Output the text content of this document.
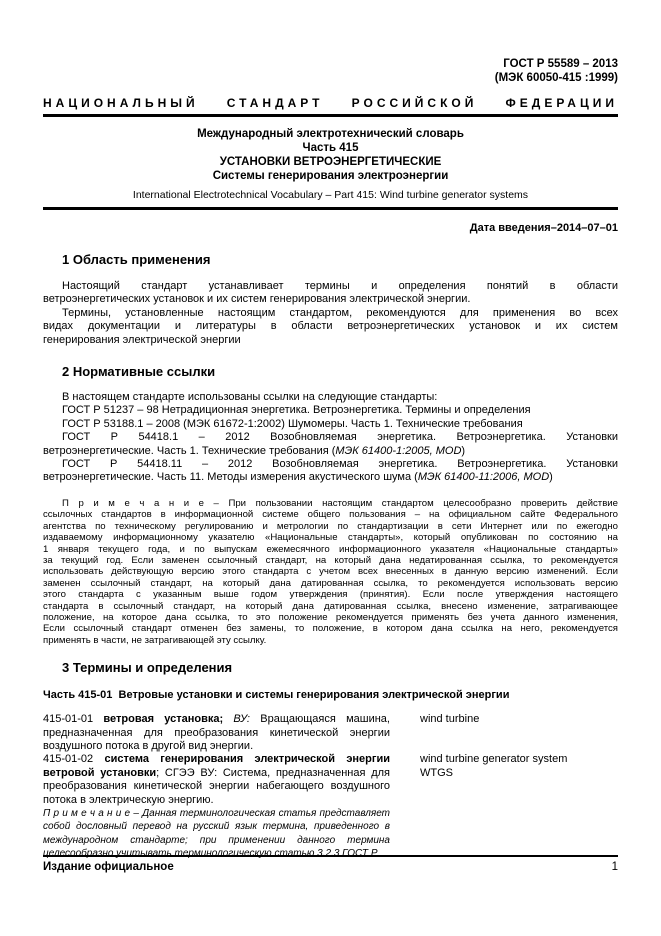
ГОСТ Р 55589 – 2013
(МЭК 60050-415 :1999)
НАЦИОНАЛЬНЫЙ СТАНДАРТ РОССИЙСКОЙ ФЕДЕРАЦИИ
Международный электротехнический словарь
Часть 415
УСТАНОВКИ ВЕТРОЭНЕРГЕТИЧЕСКИЕ
Системы генерирования электроэнергии
International Electrotechnical Vocabulary – Part 415: Wind turbine generator systems
Дата введения–2014–07–01
1 Область применения
Настоящий стандарт устанавливает термины и определения понятий в области
ветроэнергетических установок и их систем генерирования электрической энергии.
Термины, установленные настоящим стандартом, рекомендуются для применения во всех
видах документации и литературы в области ветроэнергетических установок и их систем
генерирования электрической энергии
2 Нормативные ссылки

В настоящем стандарте использованы ссылки на следующие стандарты:

ГОСТ Р 51237 – 98 Нетрадиционная энергетика. Ветроэнергетика. Термины и определения

ГОСТ Р 53188.1 – 2008 (МЭК 61672-1:2002) Шумомеры. Часть 1. Технические требования

ГОСТ Р 54418.1 – 2012 Возобновляемая энергетика. Ветроэнергетика. Установки
ветроэнергетические. Часть 1. Технические требования (МЭК 61400-1:2005, MOD)
ГОСТ Р 54418.11 – 2012 Возобновляемая энергетика. Ветроэнергетика. Установки
ветроэнергетические. Часть 11. Методы измерения акустического шума (МЭК 61400-11:2006, MOD)
П р и м е ч а н и е – При пользовании настоящим стандартом целесообразно проверить действие
ссылочных стандартов в информационной системе общего пользования – на официальном сайте Федерального
агентства по техническому регулированию и метрологии по стандартизации в сети Интернет или по ежегодно
издаваемому информационному указателю «Национальные стандарты», который опубликован по состоянию на
1 января текущего года, и по выпускам ежемесячного информационного указателя «Национальные стандарты»
за текущий год. Если заменен ссылочный стандарт, на который дана недатированная ссылка, то рекомендуется
использовать действующую версию этого стандарта с учетом всех внесенных в данную версию изменений. Если
заменен ссылочный стандарт, на который дана датированная ссылка, то рекомендуется использовать версию
этого стандарта с указанным выше годом утверждения (принятия). Если после утверждения настоящего
стандарта в ссылочный стандарт, на который дана датированная ссылка, внесено изменение, затрагивающее
положение, на которое дана ссылка, то это положение рекомендуется применять без учета данного изменения,
Если ссылочный стандарт отменен без замены, то положение, в котором дана ссылка на него, рекомендуется
применять в части, не затрагивающей эту ссылку.
3 Термины и определения

Часть 415-01  Ветровые установки и системы генерирования электрической энергии

415-01-01 ветровая установка; ВУ: Вращающаяся машина,
предназначенная для преобразования кинетической энергии
воздушного потока в другой вид энергии.
wind turbine
415-01-02 система генерирования электрической энергии
ветровой установки; СГЭЭ ВУ: Система, предназначенная для
преобразования кинетической энергии набегающего воздушного
потока в электрическую энергию.
П р и м е ч а н и е – Данная терминологическая статья представляет
собой дословный перевод на русский язык термина, приведенного в
международном стандарте; при применении данного термина
целесообразно учитывать терминологическую статью 3.2.3 ГОСТ Р
wind turbine generator system
WTGS
Издание официальное	1
